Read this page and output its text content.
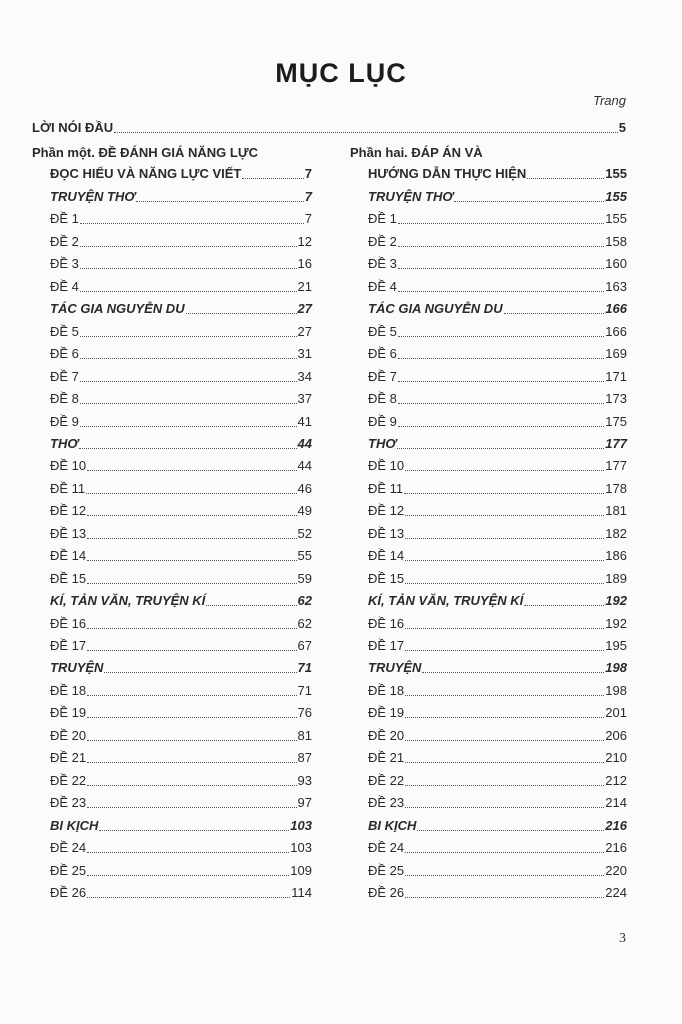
MỤC LỤC
Trang
LỜI NÓI ĐẦU	5
Phần một. ĐỀ ĐÁNH GIÁ NĂNG LỰC
ĐỌC HIỂU VÀ NĂNG LỰC VIẾT	7
Phần hai. ĐÁP ÁN VÀ
HƯỚNG DẪN THỰC HIỆN	155
TRUYỆN THƠ	7
ĐỀ 1	7
ĐỀ 2	12
ĐỀ 3	16
ĐỀ 4	21
TÁC GIA NGUYỄN DU	27
ĐỀ 5	27
ĐỀ 6	31
ĐỀ 7	34
ĐỀ 8	37
ĐỀ 9	41
THƠ	44
ĐỀ 10	44
ĐỀ 11	46
ĐỀ 12	49
ĐỀ 13	52
ĐỀ 14	55
ĐỀ 15	59
KÍ, TẢN VĂN, TRUYỆN KÍ	62
ĐỀ 16	62
ĐỀ 17	67
TRUYỆN	71
ĐỀ 18	71
ĐỀ 19	76
ĐỀ 20	81
ĐỀ 21	87
ĐỀ 22	93
ĐỀ 23	97
BI KỊCH	103
ĐỀ 24	103
ĐỀ 25	109
ĐỀ 26	114
TRUYỆN THƠ	155
ĐỀ 1	155
ĐỀ 2	158
ĐỀ 3	160
ĐỀ 4	163
TÁC GIA NGUYỄN DU	166
ĐỀ 5	166
ĐỀ 6	169
ĐỀ 7	171
ĐỀ 8	173
ĐỀ 9	175
THƠ	177
ĐỀ 10	177
ĐỀ 11	178
ĐỀ 12	181
ĐỀ 13	182
ĐỀ 14	186
ĐỀ 15	189
KÍ, TẢN VĂN, TRUYỆN KÍ	192
ĐỀ 16	192
ĐỀ 17	195
TRUYỆN	198
ĐỀ 18	198
ĐỀ 19	201
ĐỀ 20	206
ĐỀ 21	210
ĐỀ 22	212
ĐỀ 23	214
BI KỊCH	216
ĐỀ 24	216
ĐỀ 25	220
ĐỀ 26	224
3
